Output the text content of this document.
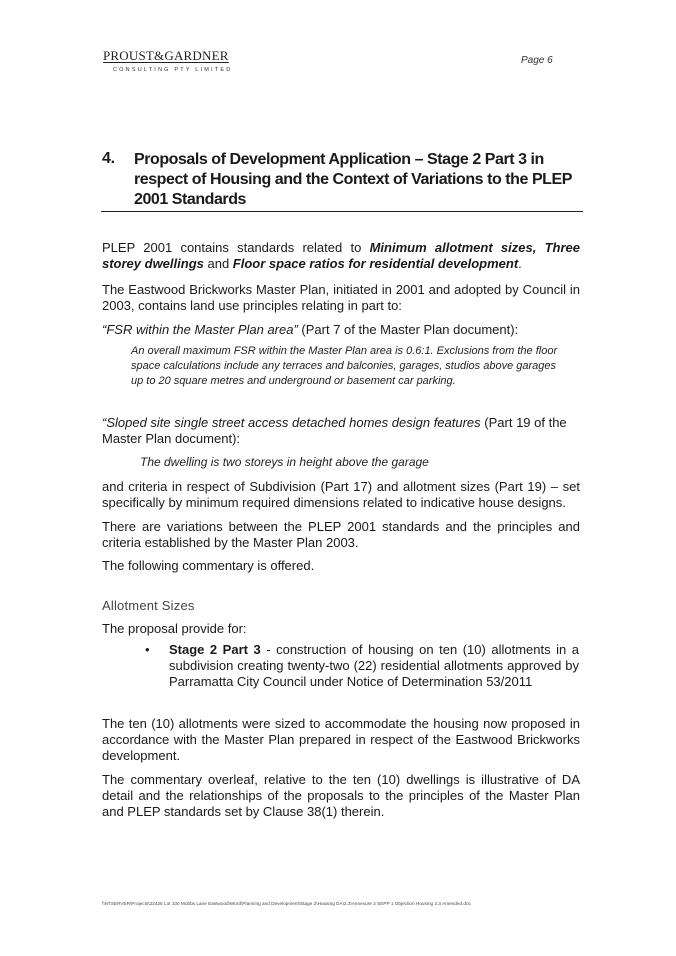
PROUST&GARDNER
CONSULTING PTY LIMITED
Page 6
4.	Proposals of Development Application – Stage 2 Part 3 in respect of Housing and the Context of Variations to the PLEP 2001 Standards
PLEP 2001 contains standards related to Minimum allotment sizes, Three storey dwellings and Floor space ratios for residential development.
The Eastwood Brickworks Master Plan, initiated in 2001 and adopted by Council in 2003, contains land use principles relating in part to:
“FSR within the Master Plan area” (Part 7 of the Master Plan document):
An overall maximum FSR within the Master Plan area is 0.6:1. Exclusions from the floor space calculations include any terraces and balconies, garages, studios above garages up to 20 square metres and underground or basement car parking.
“Sloped site single street access detached homes design features (Part 19 of the Master Plan document):
The dwelling is two storeys in height above the garage
and criteria in respect of Subdivision (Part 17) and allotment sizes (Part 19) – set specifically by minimum required dimensions related to indicative house designs.
There are variations between the PLEP 2001 standards and the principles and criteria established by the Master Plan 2003.
The following commentary is offered.
Allotment Sizes
The proposal provide for:
• Stage 2 Part 3 - construction of housing on ten (10) allotments in a subdivision creating twenty-two (22) residential allotments approved by Parramatta City Council under Notice of Determination 53/2011
The ten (10) allotments were sized to accommodate the housing now proposed in accordance with the Master Plan prepared in respect of the Eastwood Brickworks development.
The commentary overleaf, relative to the ten (10) dwellings is illustrative of DA detail and the relationships of the proposals to the principles of the Master Plan and PLEP standards set by Clause 38(1) therein.
\\NTSERVER\Projects\22425 Lot 100 Mobbs Lane Eastwood\Word\Planning and Development\Stage 2\Housing DA\2.3\Annexure 2 SEPP 1 Objection Housing 2.3 Amended.doc
